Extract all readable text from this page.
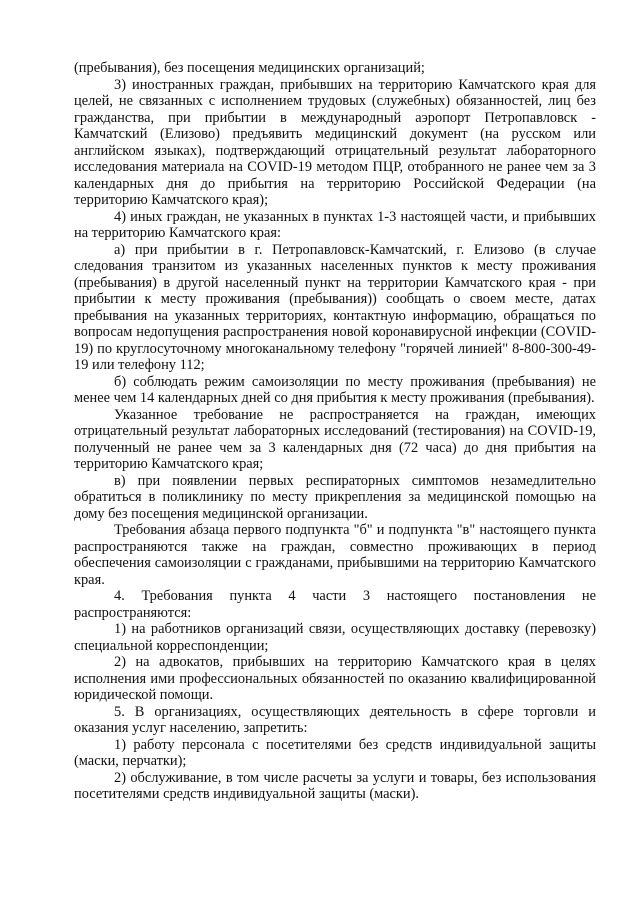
(пребывания), без посещения медицинских организаций;

3) иностранных граждан, прибывших на территорию Камчатского края для целей, не связанных с исполнением трудовых (служебных) обязанностей, лиц без гражданства, при прибытии в международный аэропорт Петропавловск - Камчатский (Елизово) предъявить медицинский документ (на русском или английском языках), подтверждающий отрицательный результат лабораторного исследования материала на COVID-19 методом ПЦР, отобранного не ранее чем за 3 календарных дня до прибытия на территорию Российской Федерации (на территорию Камчатского края);

4) иных граждан, не указанных в пунктах 1-3 настоящей части, и прибывших на территорию Камчатского края:

а) при прибытии в г. Петропавловск-Камчатский, г. Елизово (в случае следования транзитом из указанных населенных пунктов к месту проживания (пребывания) в другой населенный пункт на территории Камчатского края - при прибытии к месту проживания (пребывания)) сообщать о своем месте, датах пребывания на указанных территориях, контактную информацию, обращаться по вопросам недопущения распространения новой коронавирусной инфекции (COVID-19) по круглосуточному многоканальному телефону "горячей линией" 8-800-300-49-19 или телефону 112;

б) соблюдать режим самоизоляции по месту проживания (пребывания) не менее чем 14 календарных дней со дня прибытия к месту проживания (пребывания).

Указанное требование не распространяется на граждан, имеющих отрицательный результат лабораторных исследований (тестирования) на COVID-19, полученный не ранее чем за 3 календарных дня (72 часа) до дня прибытия на территорию Камчатского края;

в) при появлении первых респираторных симптомов незамедлительно обратиться в поликлинику по месту прикрепления за медицинской помощью на дому без посещения медицинской организации.

Требования абзаца первого подпункта "б" и подпункта "в" настоящего пункта распространяются также на граждан, совместно проживающих в период обеспечения самоизоляции с гражданами, прибывшими на территорию Камчатского края.

4. Требования пункта 4 части 3 настоящего постановления не распространяются:

1) на работников организаций связи, осуществляющих доставку (перевозку) специальной корреспонденции;

2) на адвокатов, прибывших на территорию Камчатского края в целях исполнения ими профессиональных обязанностей по оказанию квалифицированной юридической помощи.

5. В организациях, осуществляющих деятельность в сфере торговли и оказания услуг населению, запретить:

1) работу персонала с посетителями без средств индивидуальной защиты (маски, перчатки);

2) обслуживание, в том числе расчеты за услуги и товары, без использования посетителями средств индивидуальной защиты (маски).
